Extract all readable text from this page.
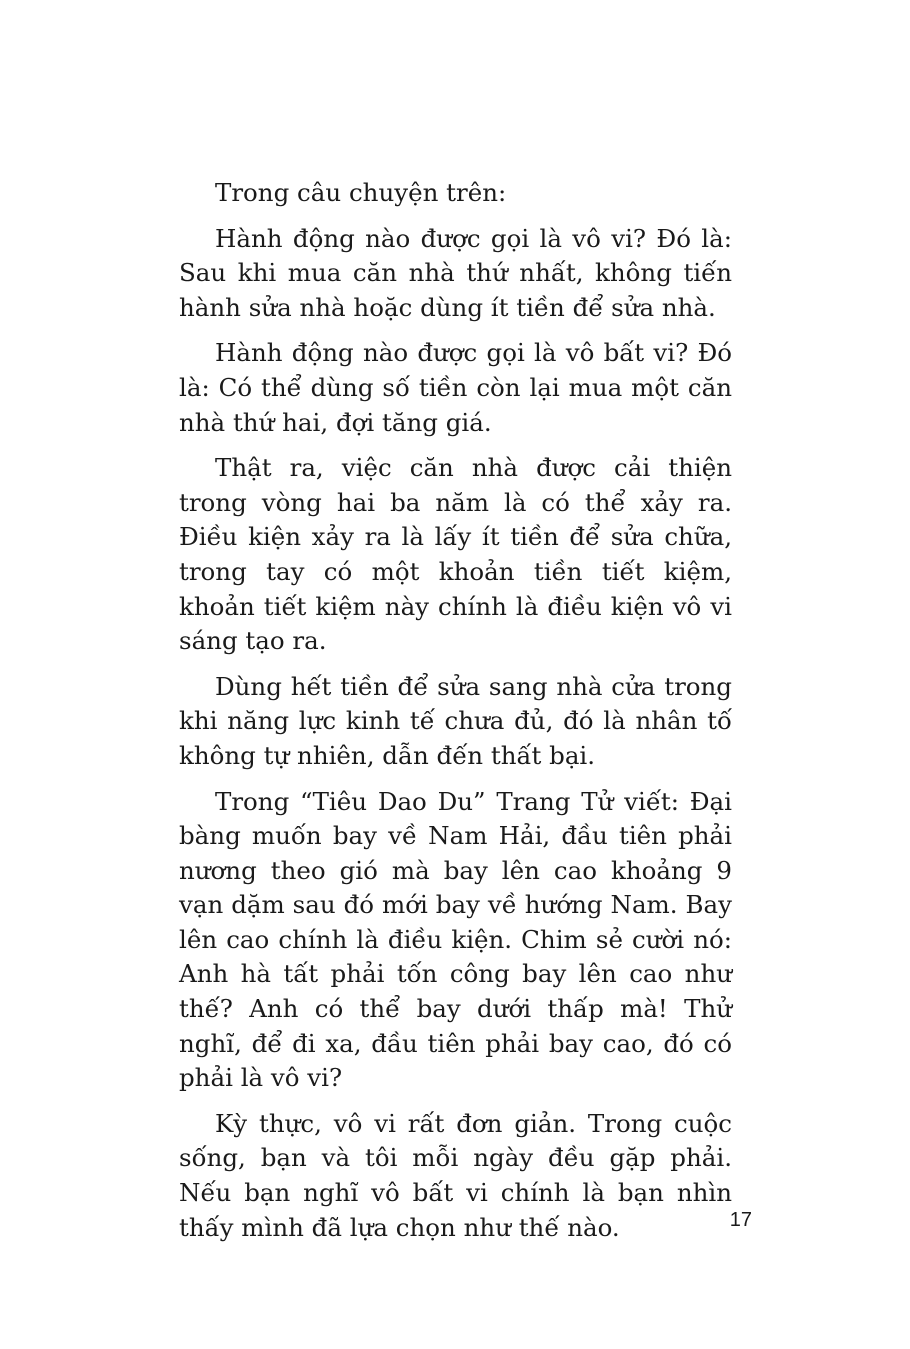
Trong câu chuyện trên:

Hành động nào được gọi là vô vi? Đó là: Sau khi mua căn nhà thứ nhất, không tiến hành sửa nhà hoặc dùng ít tiền để sửa nhà.

Hành động nào được gọi là vô bất vi? Đó là: Có thể dùng số tiền còn lại mua một căn nhà thứ hai, đợi tăng giá.

Thật ra, việc căn nhà được cải thiện trong vòng hai ba năm là có thể xảy ra. Điều kiện xảy ra là lấy ít tiền để sửa chữa, trong tay có một khoản tiền tiết kiệm, khoản tiết kiệm này chính là điều kiện vô vi sáng tạo ra.

Dùng hết tiền để sửa sang nhà cửa trong khi năng lực kinh tế chưa đủ, đó là nhân tố không tự nhiên, dẫn đến thất bại.

Trong “Tiêu Dao Du” Trang Tử viết: Đại bàng muốn bay về Nam Hải, đầu tiên phải nương theo gió mà bay lên cao khoảng 9 vạn dặm sau đó mới bay về hướng Nam. Bay lên cao chính là điều kiện. Chim sẻ cười nó: Anh hà tất phải tốn công bay lên cao như thế? Anh có thể bay dưới thấp mà! Thử nghĩ, để đi xa, đầu tiên phải bay cao, đó có phải là vô vi?

Kỳ thực, vô vi rất đơn giản. Trong cuộc sống, bạn và tôi mỗi ngày đều gặp phải. Nếu bạn nghĩ vô bất vi chính là bạn nhìn thấy mình đã lựa chọn như thế nào.	17
